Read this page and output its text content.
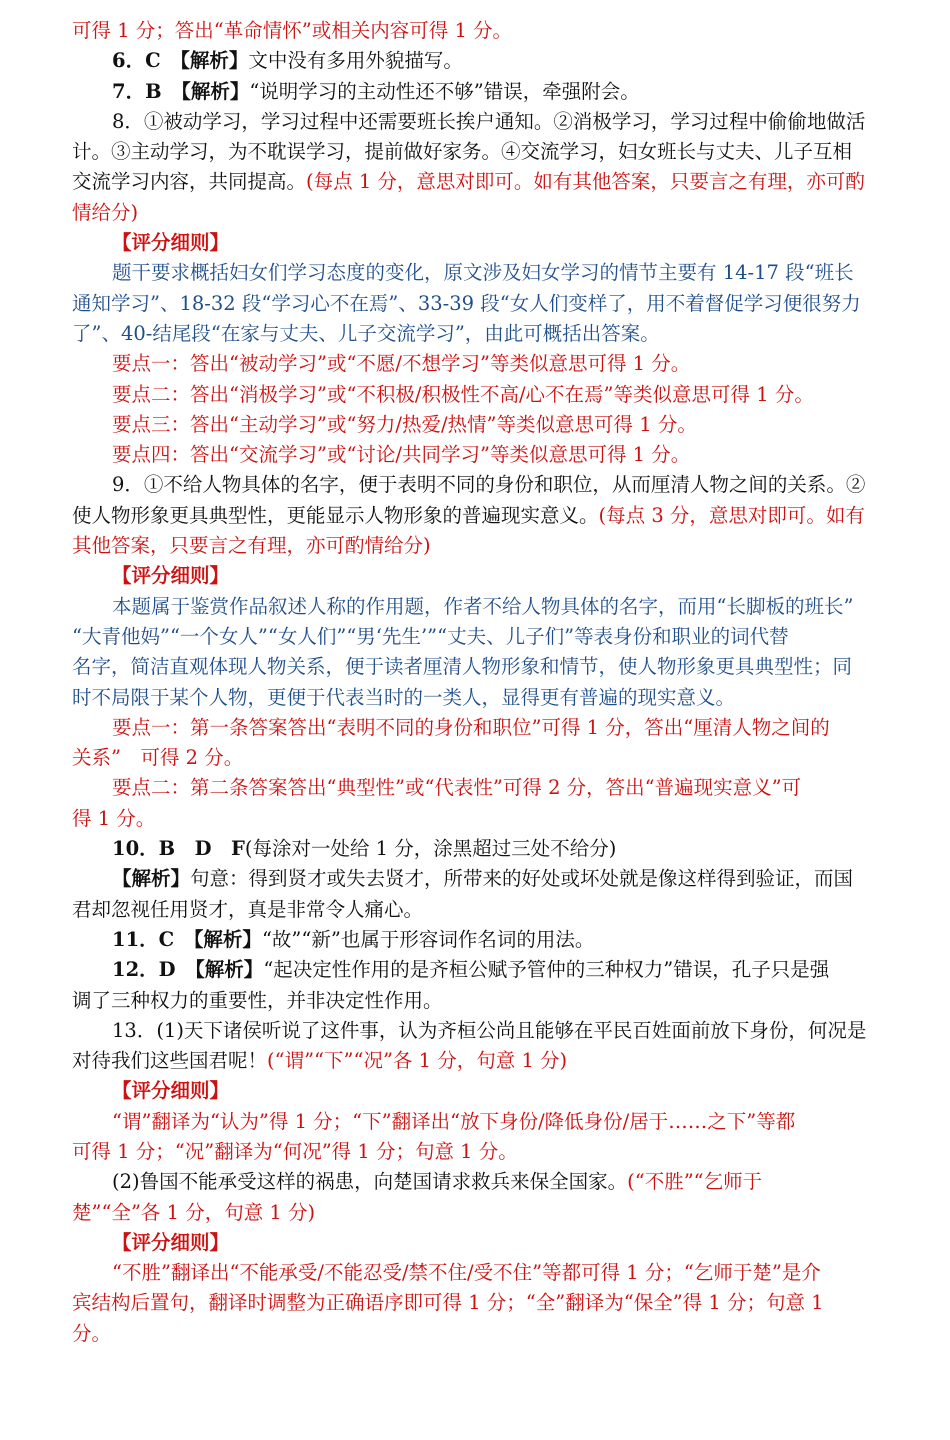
可得 1 分；答出“革命情怀”或相关内容可得 1 分。
6．C　【解析】文中没有多用外貌描写。
7．B　【解析】“说明学习的主动性还不够”错误，牵强附会。
8．①被动学习，学习过程中还需要班长挨户通知。②消极学习，学习过程中偷偷地做活
计。③主动学习，为不耽误学习，提前做好家务。④交流学习，妇女班长与丈夫、儿子互相
交流学习内容，共同提高。(每点 1 分，意思对即可。如有其他答案，只要言之有理，亦可酌
情给分)
【评分细则】
题干要求概括妇女们学习态度的变化，原文涉及妇女学习的情节主要有 14-17 段“班长
通知学习”、18-32 段“学习心不在焉”、33-39 段“女人们变样了，用不着督促学习便很努力
了”、40-结尾段“在家与丈夫、儿子交流学习”，由此可概括出答案。
要点一：答出“被动学习”或“不愿/不想学习”等类似意思可得 1 分。
要点二：答出“消极学习”或“不积极/积极性不高/心不在焉”等类似意思可得 1 分。
要点三：答出“主动学习”或“努力/热爱/热情”等类似意思可得 1 分。
要点四：答出“交流学习”或“讨论/共同学习”等类似意思可得 1 分。
9．①不给人物具体的名字，便于表明不同的身份和职位，从而厘清人物之间的关系。②
使人物形象更具典型性，更能显示人物形象的普遍现实意义。(每点 3 分，意思对即可。如有
其他答案，只要言之有理，亦可酌情给分)
【评分细则】
本题属于鉴赏作品叙述人称的作用题，作者不给人物具体的名字，而用“长脚板的班长”
“大青他妈”“一个女人”“女人们”“男‘先生’”“丈夫、儿子们”等表身份和职业的词代替
名字，简洁直观体现人物关系，便于读者厘清人物形象和情节，使人物形象更具典型性；同
时不局限于某个人物，更便于代表当时的一类人，显得更有普遍的现实意义。
要点一：第一条答案答出“表明不同的身份和职位”可得 1 分，答出“厘清人物之间的
关系”　可得 2 分。
要点二：第二条答案答出“典型性”或“代表性”可得 2 分，答出“普遍现实意义”可
得 1 分。
10．B　D　F(每涂对一处给 1 分，涂黑超过三处不给分)
【解析】句意：得到贤才或失去贤才，所带来的好处或坏处就是像这样得到验证，而国
君却忽视任用贤才，真是非常令人痛心。
11．C　【解析】“故”“新”也属于形容词作名词的用法。
12．D　【解析】“起决定性作用的是齐桓公赋予管仲的三种权力”错误，孔子只是强
调了三种权力的重要性，并非决定性作用。
13．(1)天下诸侯听说了这件事，认为齐桓公尚且能够在平民百姓面前放下身份，何况是
对待我们这些国君呢！(“谓”“下”“况”各 1 分，句意 1 分)
【评分细则】
“谓”翻译为“认为”得 1 分；“下”翻译出“放下身份/降低身份/居于……之下”等都
可得 1 分；“况”翻译为“何况”得 1 分；句意 1 分。
(2)鲁国不能承受这样的祸患，向楚国请求救兵来保全国家。(“不胜”“乞师于
楚”“全”各 1 分，句意 1 分)
【评分细则】
“不胜”翻译出“不能承受/不能忍受/禁不住/受不住”等都可得 1 分；“乞师于楚”是介
宾结构后置句，翻译时调整为正确语序即可得 1 分；“全”翻译为“保全”得 1 分；句意 1
分。
